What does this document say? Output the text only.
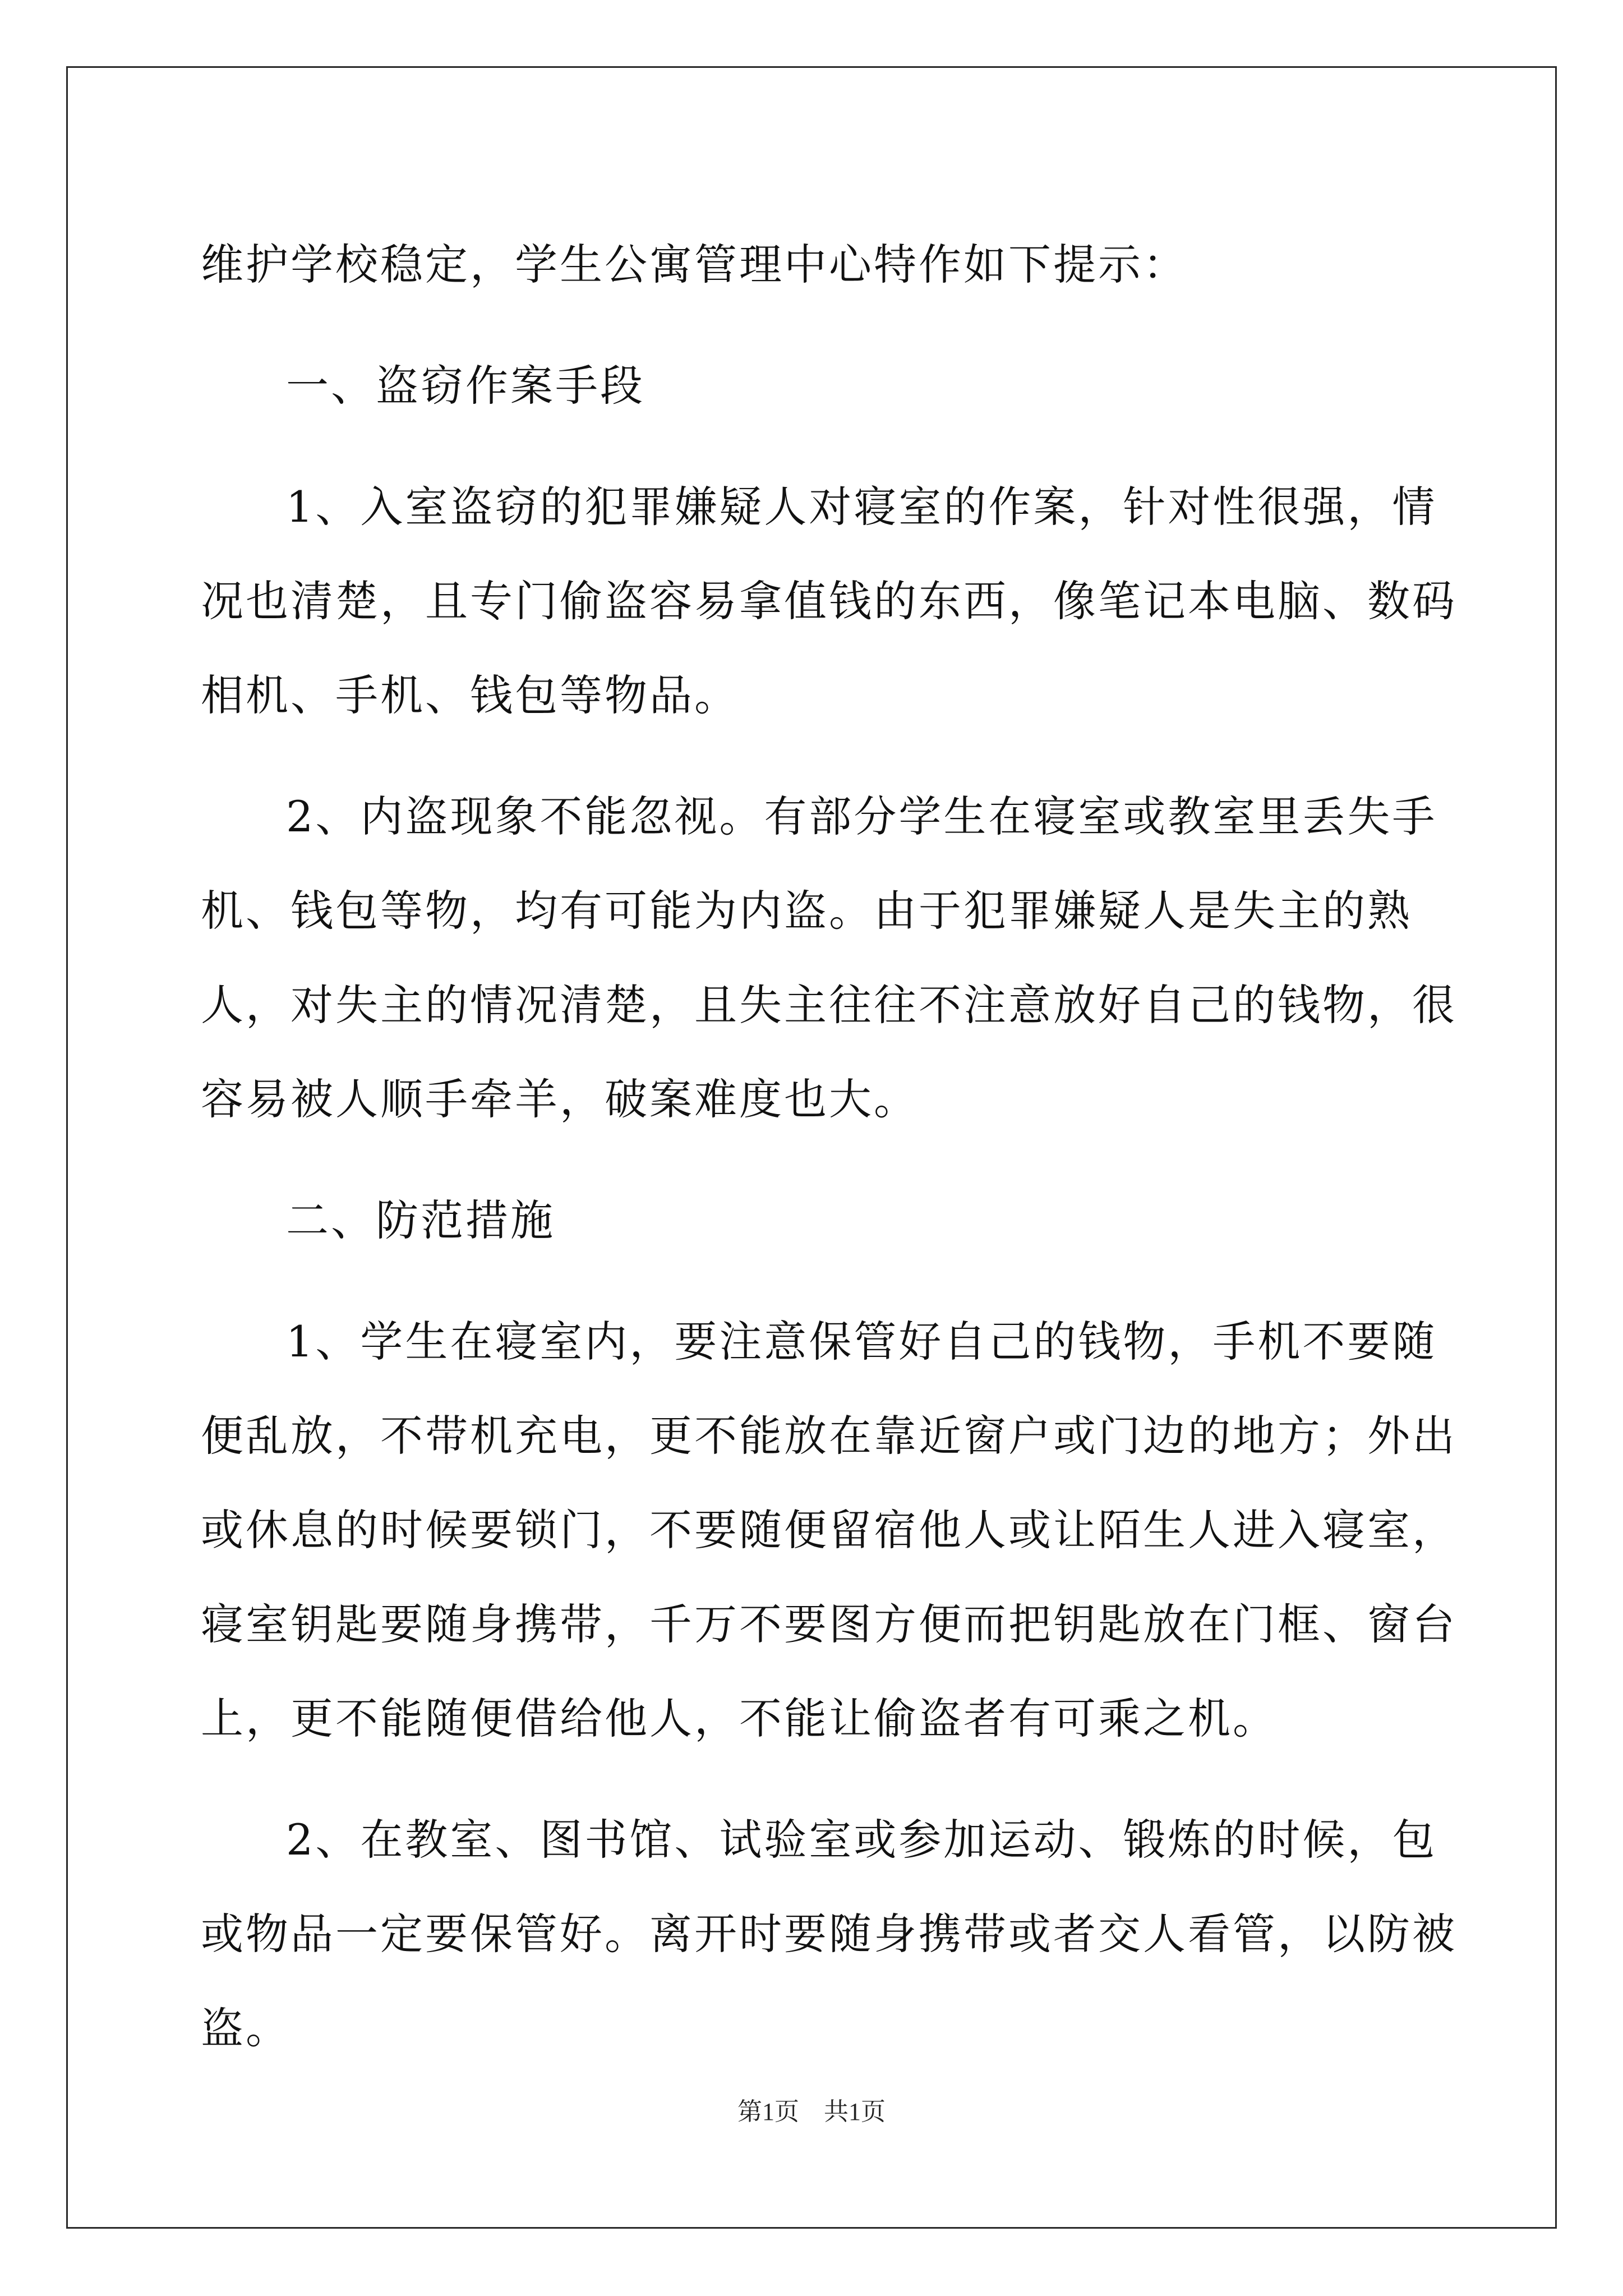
维护学校稳定，学生公寓管理中心特作如下提示：

一、盗窃作案手段

1、入室盗窃的犯罪嫌疑人对寝室的作案，针对性很强，情况也清楚，且专门偷盗容易拿值钱的东西，像笔记本电脑、数码相机、手机、钱包等物品。

2、内盗现象不能忽视。有部分学生在寝室或教室里丢失手机、钱包等物，均有可能为内盗。由于犯罪嫌疑人是失主的熟人，对失主的情况清楚，且失主往往不注意放好自己的钱物，很容易被人顺手牵羊，破案难度也大。

二、防范措施

1、学生在寝室内，要注意保管好自己的钱物，手机不要随便乱放，不带机充电，更不能放在靠近窗户或门边的地方；外出或休息的时候要锁门，不要随便留宿他人或让陌生人进入寝室，寝室钥匙要随身携带，千万不要图方便而把钥匙放在门框、窗台上，更不能随便借给他人，不能让偷盗者有可乘之机。

2、在教室、图书馆、试验室或参加运动、锻炼的时候，包或物品一定要保管好。离开时要随身携带或者交人看管，以防被盗。

第1页 共1页
